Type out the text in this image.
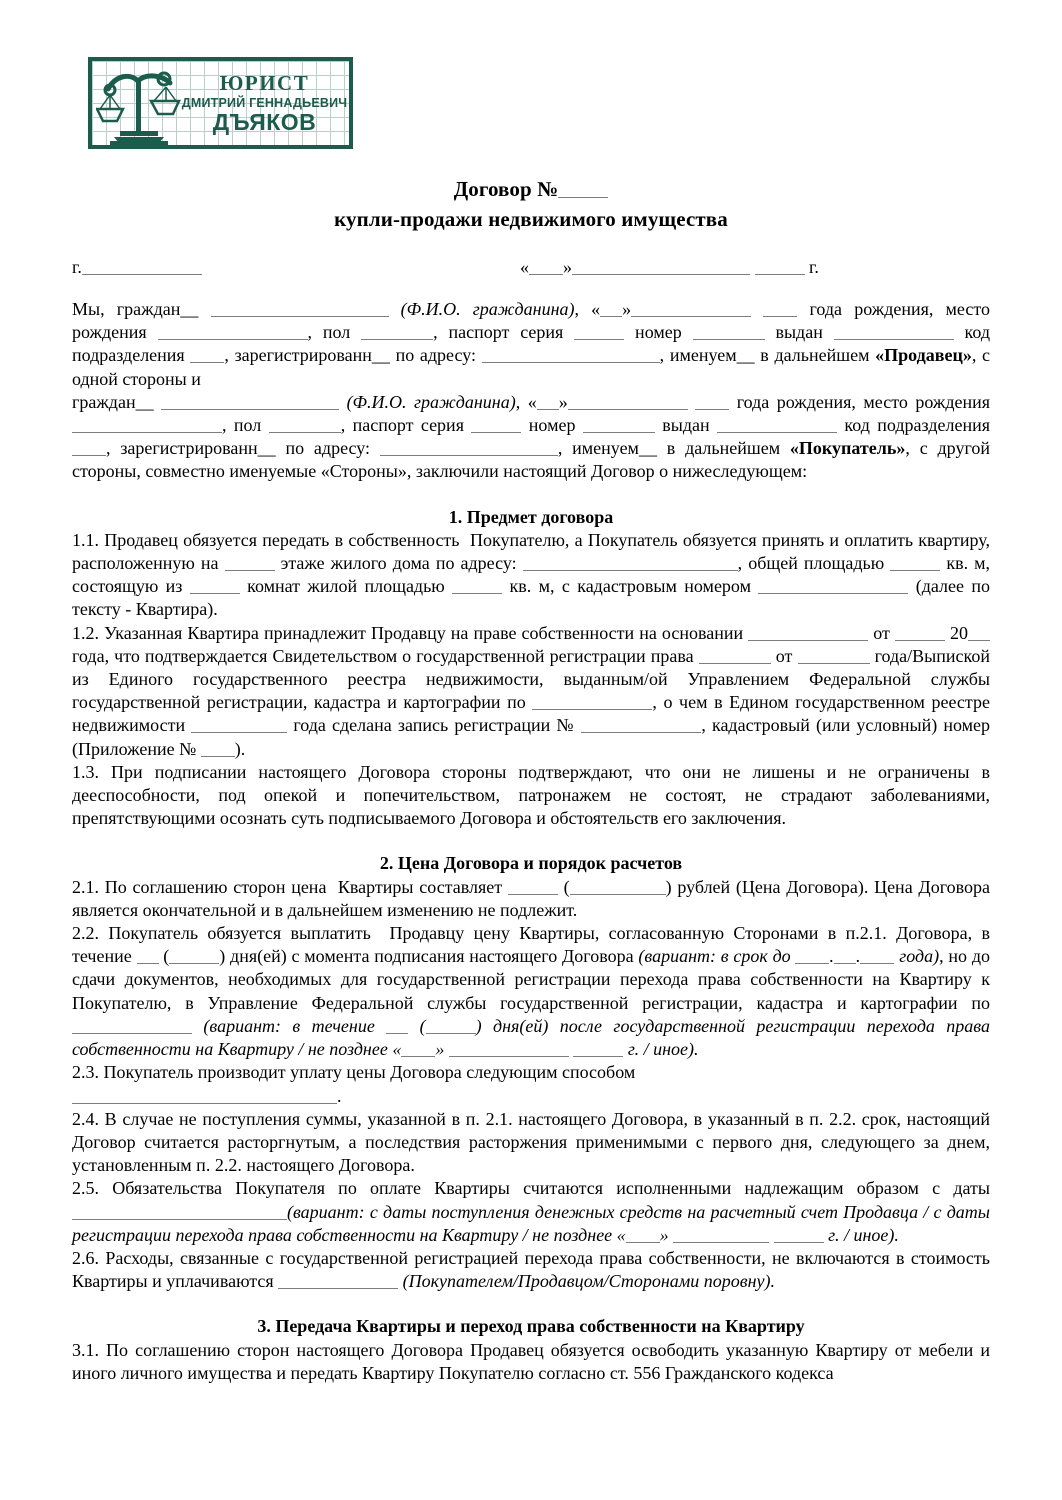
ЮРИСТ
ДМИТРИЙ ГЕННАДЬЕВИЧ
ДЪЯКОВ
Договор №
купли-продажи недвижимого имущества
г.	« »	г.

Мы, граждан__	(Ф.И.О. гражданина), « »	года рождения, место рождения	, пол	, паспорт серия	номер	выдан	код подразделения , зарегистрированн__ по адресу:	, именуем__ в дальнейшем «Продавец», с одной стороны и

граждан__	(Ф.И.О. гражданина), « »	года рождения, место рождения , пол	, паспорт серия	номер	выдан	код подразделения , зарегистрированн__ по адресу:	, именуем__ в дальнейшем «Покупатель», с другой стороны, совместно именуемые «Стороны», заключили настоящий Договор о нижеследующем:

1. Предмет договора

1.1. Продавец обязуется передать в собственность  Покупателю, а Покупатель обязуется принять и оплатить квартиру, расположенную на	этаже жилого дома по адресу:	, общей площадью	кв. м, состоящую из	комнат жилой площадью	кв. м, с кадастровым номером	(далее по тексту - Квартира).

1.2. Указанная Квартира принадлежит Продавцу на праве собственности на основании	от	20 года, что подтверждается Свидетельством о государственной регистрации права	от	года/Выпиской из Единого государственного реестра недвижимости, выданным/ой Управлением Федеральной службы государственной регистрации, кадастра и картографии по	, о чем в Едином государственном реестре недвижимости	года сделана запись регистрации №	, кадастровый (или условный) номер (Приложение № ).

1.3. При подписании настоящего Договора стороны подтверждают, что они не лишены и не ограничены в дееспособности, под опекой и попечительством, патронажем не состоят, не страдают заболеваниями, препятствующими осознать суть подписываемого Договора и обстоятельств его заключения.

2. Цена Договора и порядок расчетов

2.1. По соглашению сторон цена  Квартиры составляет	(	) рублей (Цена Договора). Цена Договора является окончательной и в дальнейшем изменению не подлежит.

2.2. Покупатель обязуется выплатить  Продавцу цену Квартиры, согласованную Сторонами в п.2.1. Договора, в течение  (	) дня(ей) с момента подписания настоящего Договора (вариант: в срок до . . года), но до сдачи документов, необходимых для государственной регистрации перехода права собственности на Квартиру к Покупателю, в Управление Федеральной службы государственной регистрации, кадастра и картографии по  (вариант: в течение  (	) дня(ей) после государственной регистрации перехода права собственности на Квартиру / не позднее « »	г. / иное).

2.3. Покупатель производит уплату цены Договора следующим способом

.

2.4. В случае не поступления суммы, указанной в п. 2.1. настоящего Договора, в указанный в п. 2.2. срок, настоящий Договор считается расторгнутым, а последствия расторжения применимыми с первого дня, следующего за днем, установленным п. 2.2. настоящего Договора.

2.5. Обязательства Покупателя по оплате Квартиры считаются исполненными надлежащим образом с даты (вариант: с даты поступления денежных средств на расчетный счет Продавца / с даты регистрации перехода права собственности на Квартиру / не позднее « »	г. / иное).

2.6. Расходы, связанные с государственной регистрацией перехода права собственности, не включаются в стоимость Квартиры и уплачиваются	(Покупателем/Продавцом/Сторонами поровну).

3. Передача Квартиры и переход права собственности на Квартиру

3.1. По соглашению сторон настоящего Договора Продавец обязуется освободить указанную Квартиру от мебели и иного личного имущества и передать Квартиру Покупателю согласно ст. 556 Гражданского кодекса
